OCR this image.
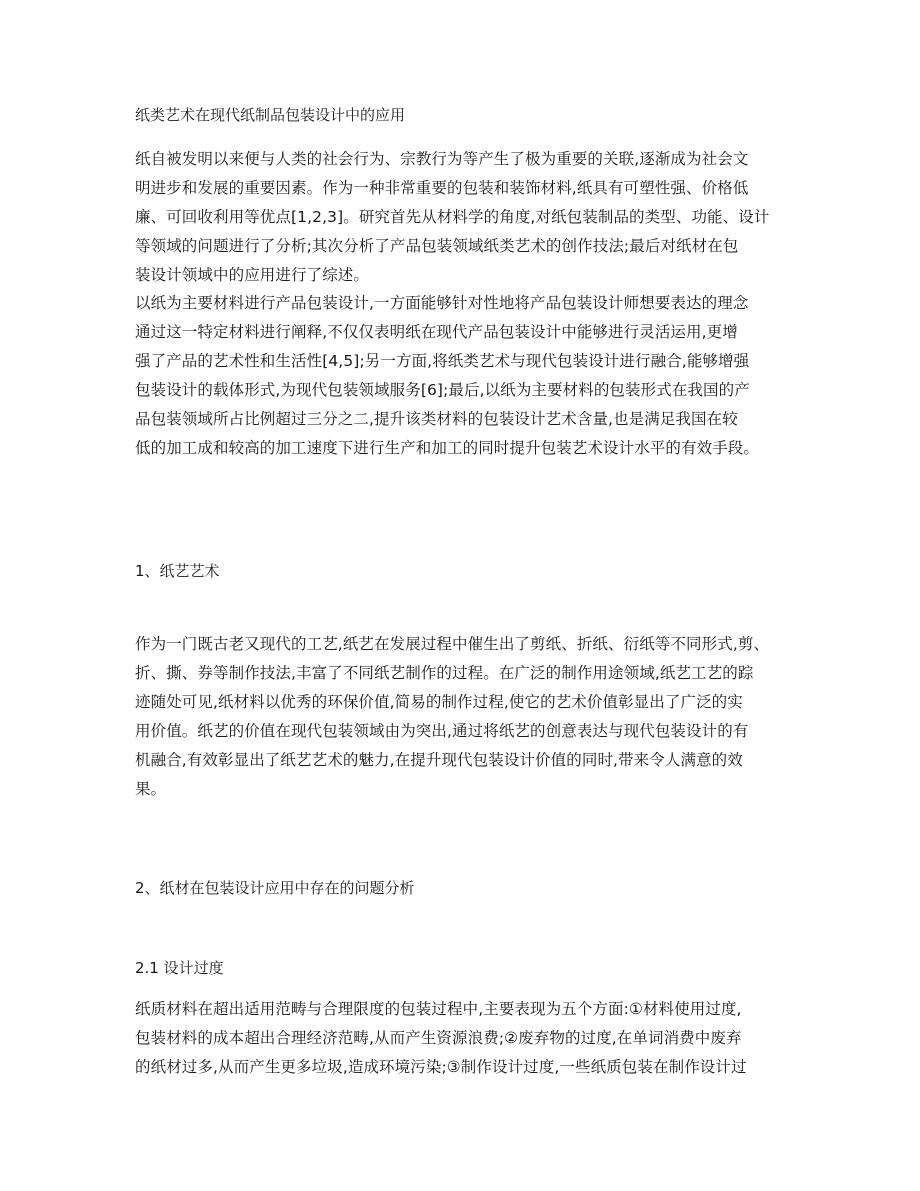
纸类艺术在现代纸制品包装设计中的应用
纸自被发明以来便与人类的社会行为、宗教行为等产生了极为重要的关联,逐渐成为社会文
明进步和发展的重要因素。作为一种非常重要的包装和装饰材料,纸具有可塑性强、价格低
廉、可回收利用等优点[1,2,3]。研究首先从材料学的角度,对纸包装制品的类型、功能、设计
等领域的问题进行了分析;其次分析了产品包装领域纸类艺术的创作技法;最后对纸材在包
装设计领域中的应用进行了综述。
以纸为主要材料进行产品包装设计,一方面能够针对性地将产品包装设计师想要表达的理念
通过这一特定材料进行阐释,不仅仅表明纸在现代产品包装设计中能够进行灵活运用,更增
强了产品的艺术性和生活性[4,5];另一方面,将纸类艺术与现代包装设计进行融合,能够增强
包装设计的载体形式,为现代包装领域服务[6];最后,以纸为主要材料的包装形式在我国的产
品包装领域所占比例超过三分之二,提升该类材料的包装设计艺术含量,也是满足我国在较
低的加工成和较高的加工速度下进行生产和加工的同时提升包装艺术设计水平的有效手段。
1、纸艺艺术
作为一门既古老又现代的工艺,纸艺在发展过程中催生出了剪纸、折纸、衍纸等不同形式,剪、
折、撕、券等制作技法,丰富了不同纸艺制作的过程。在广泛的制作用途领域,纸艺工艺的踪
迹随处可见,纸材料以优秀的环保价值,简易的制作过程,使它的艺术价值彰显出了广泛的实
用价值。纸艺的价值在现代包装领域由为突出,通过将纸艺的创意表达与现代包装设计的有
机融合,有效彰显出了纸艺艺术的魅力,在提升现代包装设计价值的同时,带来令人满意的效
果。
2、纸材在包装设计应用中存在的问题分析
2.1 设计过度
纸质材料在超出适用范畴与合理限度的包装过程中,主要表现为五个方面:①材料使用过度,
包装材料的成本超出合理经济范畴,从而产生资源浪费;②废弃物的过度,在单词消费中废弃
的纸材过多,从而产生更多垃圾,造成环境污染;③制作设计过度,一些纸质包装在制作设计过
